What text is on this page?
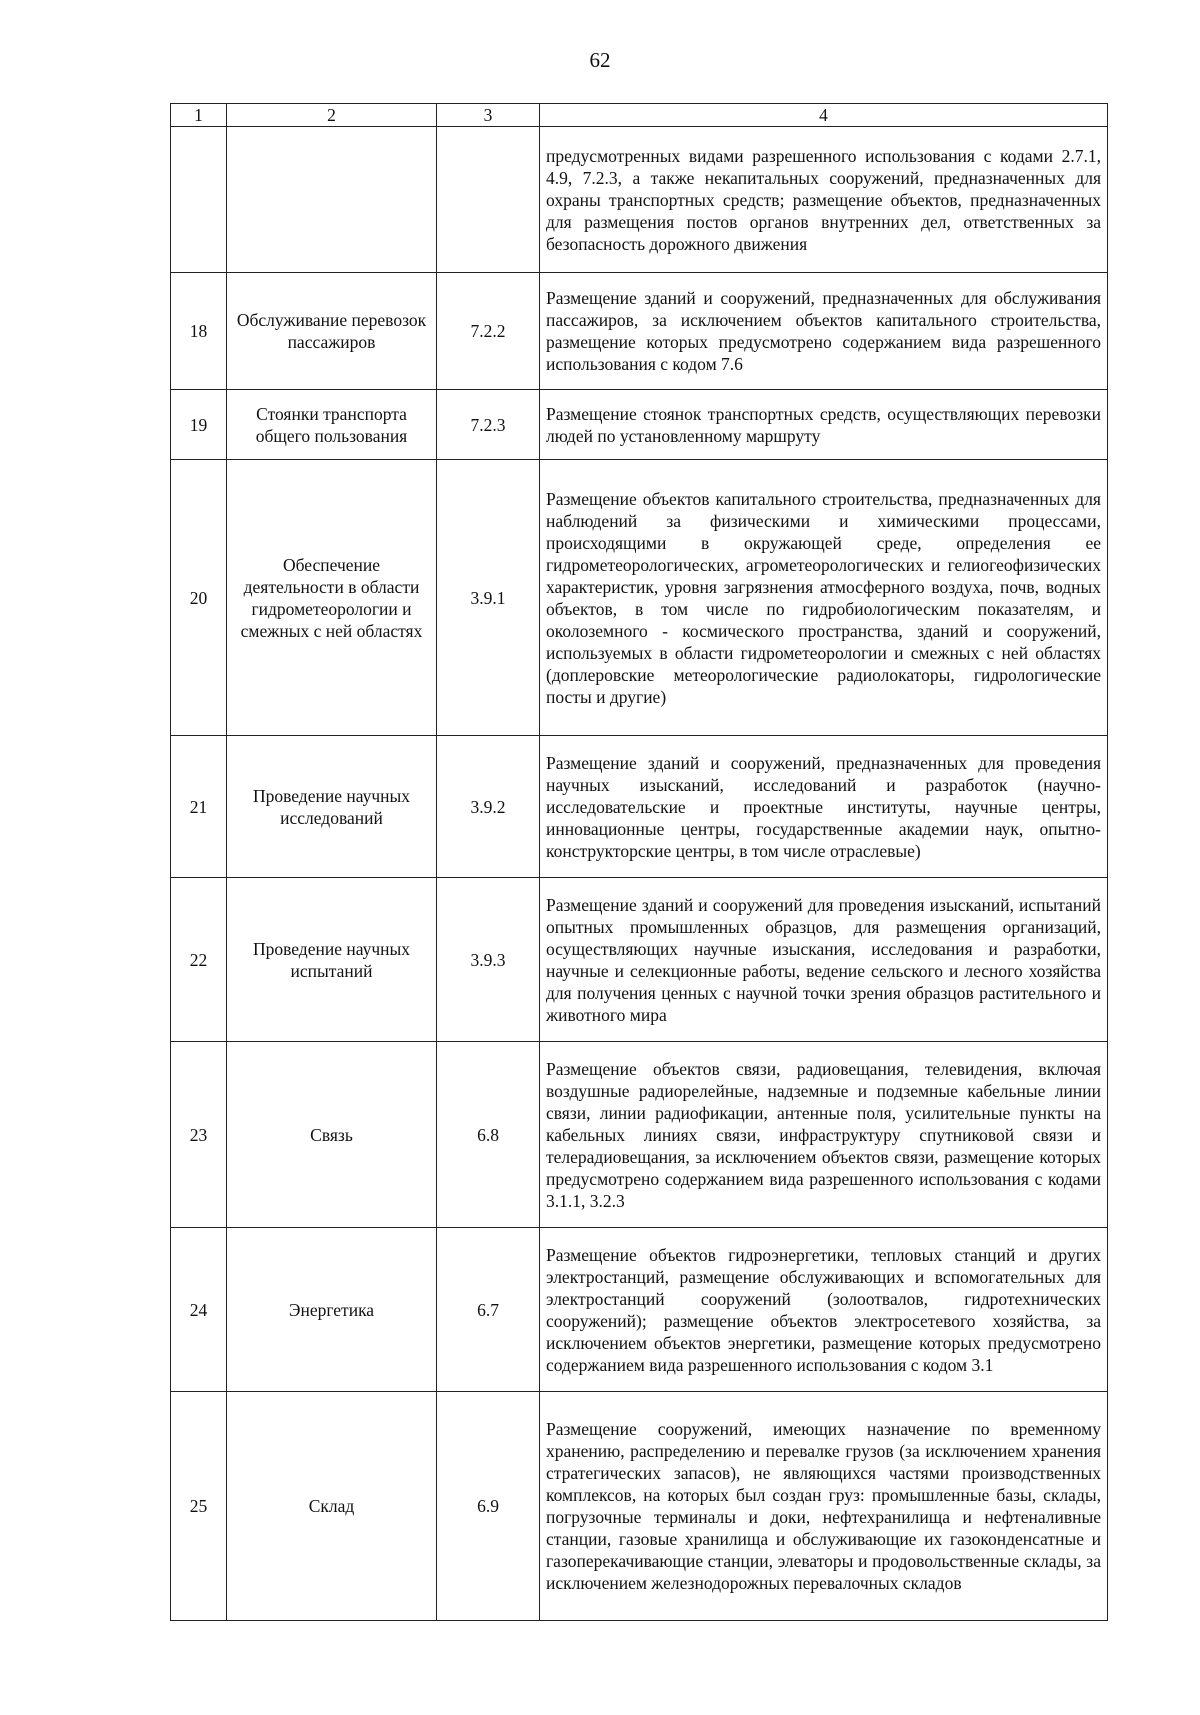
62
1	2	3	4
			предусмотренных видами разрешенного использования с кодами 2.7.1, 4.9, 7.2.3, а также некапитальных сооружений, предназначенных для охраны транспортных средств; размещение объектов, предназначенных для размещения постов органов внутренних дел, ответственных за безопасность дорожного движения
18	Обслуживание перевозок пассажиров	7.2.2	Размещение зданий и сооружений, предназначенных для обслуживания пассажиров, за исключением объектов капитального строительства, размещение которых предусмотрено содержанием вида разрешенного использования с кодом 7.6
19	Стоянки транспорта общего пользования	7.2.3	Размещение стоянок транспортных средств, осуществляющих перевозки людей по установленному маршруту
20	Обеспечение деятельности в области гидрометеорологии и смежных с ней областях	3.9.1	Размещение объектов капитального строительства, предназначенных для наблюдений за физическими и химическими процессами, происходящими в окружающей среде, определения ее гидрометеорологических, агрометеорологических и гелиогеофизических характеристик, уровня загрязнения атмосферного воздуха, почв, водных объектов, в том числе по гидробиологическим показателям, и околоземного - космического пространства, зданий и сооружений, используемых в области гидрометеорологии и смежных с ней областях (доплеровские метеорологические радиолокаторы, гидрологические посты и другие)
21	Проведение научных исследований	3.9.2	Размещение зданий и сооружений, предназначенных для проведения научных изысканий, исследований и разработок (научно-исследовательские и проектные институты, научные центры, инновационные центры, государственные академии наук, опытно-конструкторские центры, в том числе отраслевые)
22	Проведение научных испытаний	3.9.3	Размещение зданий и сооружений для проведения изысканий, испытаний опытных промышленных образцов, для размещения организаций, осуществляющих научные изыскания, исследования и разработки, научные и селекционные работы, ведение сельского и лесного хозяйства для получения ценных с научной точки зрения образцов растительного и животного мира
23	Связь	6.8	Размещение объектов связи, радиовещания, телевидения, включая воздушные радиорелейные, надземные и подземные кабельные линии связи, линии радиофикации, антенные поля, усилительные пункты на кабельных линиях связи, инфраструктуру спутниковой связи и телерадиовещания, за исключением объектов связи, размещение которых предусмотрено содержанием вида разрешенного использования с кодами 3.1.1, 3.2.3
24	Энергетика	6.7	Размещение объектов гидроэнергетики, тепловых станций и других электростанций, размещение обслуживающих и вспомогательных для электростанций сооружений (золоотвалов, гидротехнических сооружений); размещение объектов электросетевого хозяйства, за исключением объектов энергетики, размещение которых предусмотрено содержанием вида разрешенного использования с кодом 3.1
25	Склад	6.9	Размещение сооружений, имеющих назначение по временному хранению, распределению и перевалке грузов (за исключением хранения стратегических запасов), не являющихся частями производственных комплексов, на которых был создан груз: промышленные базы, склады, погрузочные терминалы и доки, нефтехранилища и нефтеналивные станции, газовые хранилища и обслуживающие их газоконденсатные и газоперекачивающие станции, элеваторы и продовольственные склады, за исключением железнодорожных перевалочных складов
